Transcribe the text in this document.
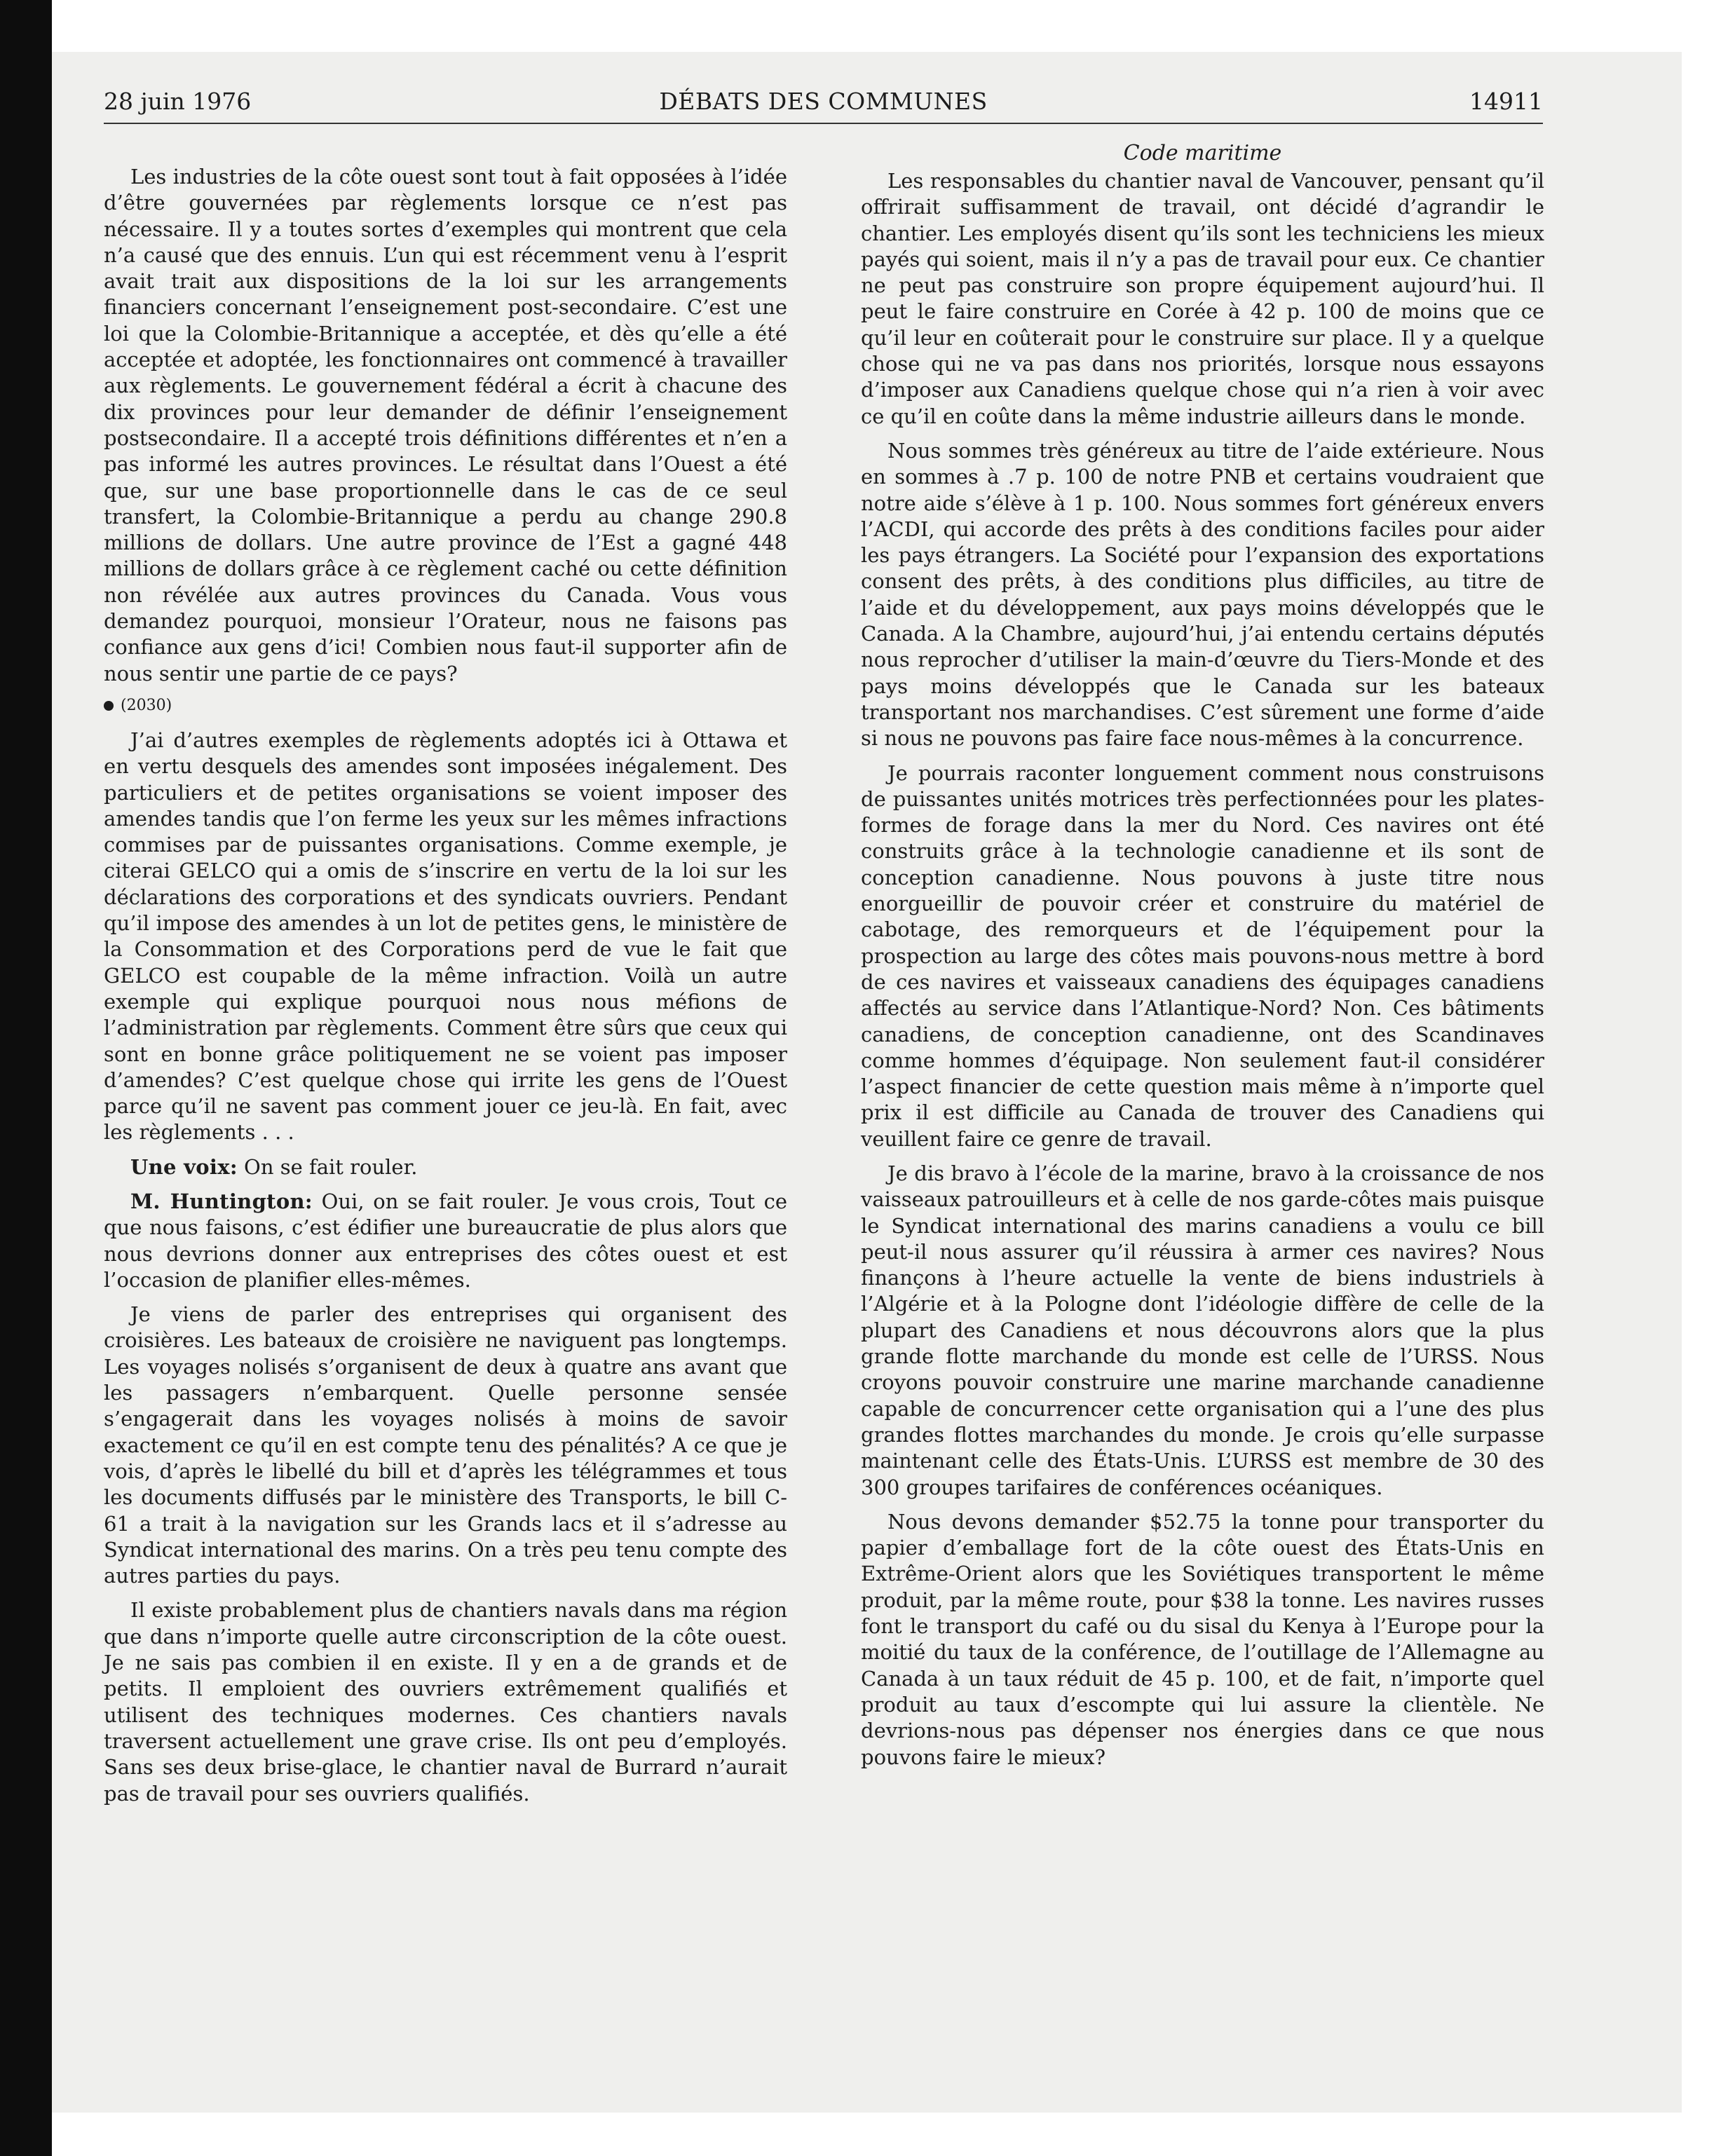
28 juin 1976	DÉBATS DES COMMUNES	14911

Les industries de la côte ouest sont tout à fait opposées à l’idée d’être gouvernées par règlements lorsque ce n’est pas nécessaire. Il y a toutes sortes d’exemples qui montrent que cela n’a causé que des ennuis. L’un qui est récemment venu à l’esprit avait trait aux dispositions de la loi sur les arrangements financiers concernant l’enseignement post-secondaire. C’est une loi que la Colombie-Britannique a acceptée, et dès qu’elle a été acceptée et adoptée, les fonctionnaires ont commencé à travailler aux règlements. Le gouvernement fédéral a écrit à chacune des dix provinces pour leur demander de définir l’enseignement postsecondaire. Il a accepté trois définitions différentes et n’en a pas informé les autres provinces. Le résultat dans l’Ouest a été que, sur une base proportionnelle dans le cas de ce seul transfert, la Colombie-Britannique a perdu au change 290.8 millions de dollars. Une autre province de l’Est a gagné 448 millions de dollars grâce à ce règlement caché ou cette définition non révélée aux autres provinces du Canada. Vous vous demandez pourquoi, monsieur l’Orateur, nous ne faisons pas confiance aux gens d’ici! Combien nous faut-il supporter afin de nous sentir une partie de ce pays?

(2030)

J’ai d’autres exemples de règlements adoptés ici à Ottawa et en vertu desquels des amendes sont imposées inégalement. Des particuliers et de petites organisations se voient imposer des amendes tandis que l’on ferme les yeux sur les mêmes infractions commises par de puissantes organisations. Comme exemple, je citerai GELCO qui a omis de s’inscrire en vertu de la loi sur les déclarations des corporations et des syndicats ouvriers. Pendant qu’il impose des amendes à un lot de petites gens, le ministère de la Consommation et des Corporations perd de vue le fait que GELCO est coupable de la même infraction. Voilà un autre exemple qui explique pourquoi nous nous méfions de l’administration par règlements. Comment être sûrs que ceux qui sont en bonne grâce politiquement ne se voient pas imposer d’amendes? C’est quelque chose qui irrite les gens de l’Ouest parce qu’il ne savent pas comment jouer ce jeu-là. En fait, avec les règlements . . .

Une voix: On se fait rouler.

M. Huntington: Oui, on se fait rouler. Je vous crois, Tout ce que nous faisons, c’est édifier une bureaucratie de plus alors que nous devrions donner aux entreprises des côtes ouest et est l’occasion de planifier elles-mêmes.

Je viens de parler des entreprises qui organisent des croisières. Les bateaux de croisière ne naviguent pas longtemps. Les voyages nolisés s’organisent de deux à quatre ans avant que les passagers n’embarquent. Quelle personne sensée s’engagerait dans les voyages nolisés à moins de savoir exactement ce qu’il en est compte tenu des pénalités? A ce que je vois, d’après le libellé du bill et d’après les télégrammes et tous les documents diffusés par le ministère des Transports, le bill C-61 a trait à la navigation sur les Grands lacs et il s’adresse au Syndicat international des marins. On a très peu tenu compte des autres parties du pays.

Il existe probablement plus de chantiers navals dans ma région que dans n’importe quelle autre circonscription de la côte ouest. Je ne sais pas combien il en existe. Il y en a de grands et de petits. Il emploient des ouvriers extrêmement qualifiés et utilisent des techniques modernes. Ces chantiers navals traversent actuellement une grave crise. Ils ont peu d’employés. Sans ses deux brise-glace, le chantier naval de Burrard n’aurait pas de travail pour ses ouvriers qualifiés.

Code maritime

Les responsables du chantier naval de Vancouver, pensant qu’il offrirait suffisamment de travail, ont décidé d’agrandir le chantier. Les employés disent qu’ils sont les techniciens les mieux payés qui soient, mais il n’y a pas de travail pour eux. Ce chantier ne peut pas construire son propre équipement aujourd’hui. Il peut le faire construire en Corée à 42 p. 100 de moins que ce qu’il leur en coûterait pour le construire sur place. Il y a quelque chose qui ne va pas dans nos priorités, lorsque nous essayons d’imposer aux Canadiens quelque chose qui n’a rien à voir avec ce qu’il en coûte dans la même industrie ailleurs dans le monde.

Nous sommes très généreux au titre de l’aide extérieure. Nous en sommes à .7 p. 100 de notre PNB et certains voudraient que notre aide s’élève à 1 p. 100. Nous sommes fort généreux envers l’ACDI, qui accorde des prêts à des conditions faciles pour aider les pays étrangers. La Société pour l’expansion des exportations consent des prêts, à des conditions plus difficiles, au titre de l’aide et du développement, aux pays moins développés que le Canada. A la Chambre, aujourd’hui, j’ai entendu certains députés nous reprocher d’utiliser la main-d’œuvre du Tiers-Monde et des pays moins développés que le Canada sur les bateaux transportant nos marchandises. C’est sûrement une forme d’aide si nous ne pouvons pas faire face nous-mêmes à la concurrence.

Je pourrais raconter longuement comment nous construisons de puissantes unités motrices très perfectionnées pour les plates-formes de forage dans la mer du Nord. Ces navires ont été construits grâce à la technologie canadienne et ils sont de conception canadienne. Nous pouvons à juste titre nous enorgueillir de pouvoir créer et construire du matériel de cabotage, des remorqueurs et de l’équipement pour la prospection au large des côtes mais pouvons-nous mettre à bord de ces navires et vaisseaux canadiens des équipages canadiens affectés au service dans l’Atlantique-Nord? Non. Ces bâtiments canadiens, de conception canadienne, ont des Scandinaves comme hommes d’équipage. Non seulement faut-il considérer l’aspect financier de cette question mais même à n’importe quel prix il est difficile au Canada de trouver des Canadiens qui veuillent faire ce genre de travail.

Je dis bravo à l’école de la marine, bravo à la croissance de nos vaisseaux patrouilleurs et à celle de nos garde-côtes mais puisque le Syndicat international des marins canadiens a voulu ce bill peut-il nous assurer qu’il réussira à armer ces navires? Nous finançons à l’heure actuelle la vente de biens industriels à l’Algérie et à la Pologne dont l’idéologie diffère de celle de la plupart des Canadiens et nous découvrons alors que la plus grande flotte marchande du monde est celle de l’URSS. Nous croyons pouvoir construire une marine marchande canadienne capable de concurrencer cette organisation qui a l’une des plus grandes flottes marchandes du monde. Je crois qu’elle surpasse maintenant celle des États-Unis. L’URSS est membre de 30 des 300 groupes tarifaires de conférences océaniques.

Nous devons demander $52.75 la tonne pour transporter du papier d’emballage fort de la côte ouest des États-Unis en Extrême-Orient alors que les Soviétiques transportent le même produit, par la même route, pour $38 la tonne. Les navires russes font le transport du café ou du sisal du Kenya à l’Europe pour la moitié du taux de la conférence, de l’outillage de l’Allemagne au Canada à un taux réduit de 45 p. 100, et de fait, n’importe quel produit au taux d’escompte qui lui assure la clientèle. Ne devrions-nous pas dépenser nos énergies dans ce que nous pouvons faire le mieux?
